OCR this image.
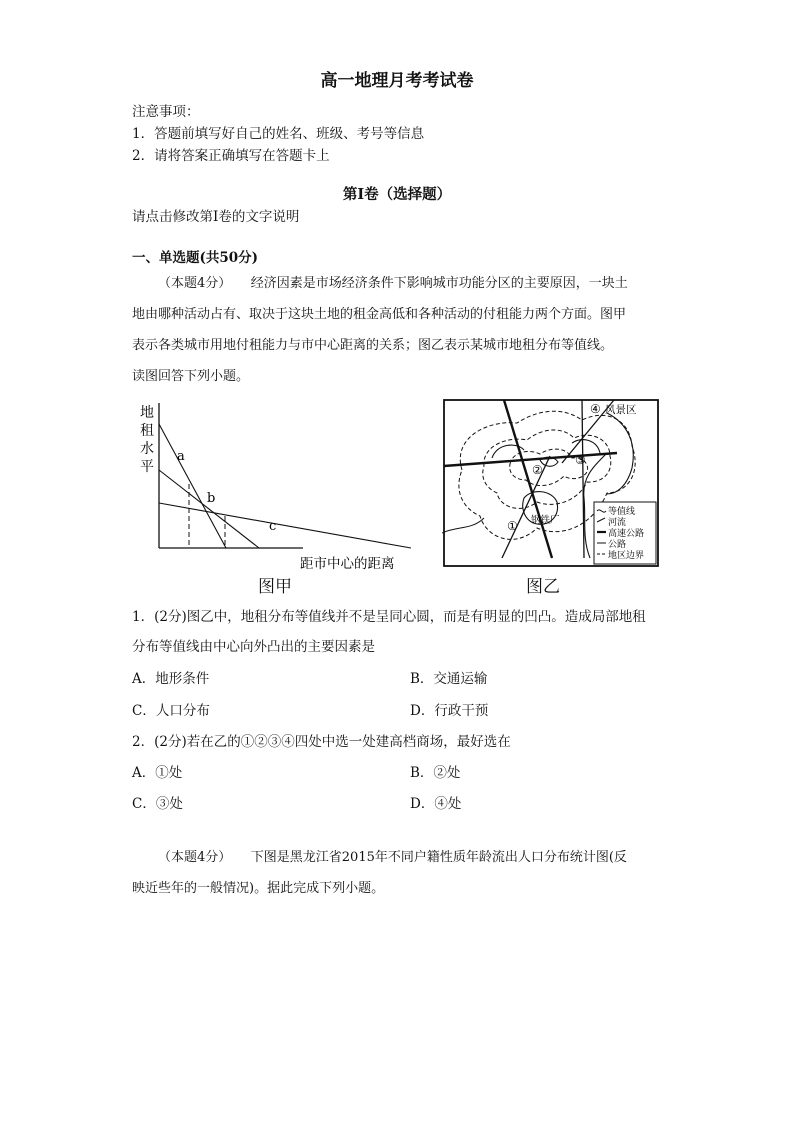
高一地理月考考试卷
注意事项：
1．答题前填写好自己的姓名、班级、考号等信息
2．请将答案正确填写在答题卡上
第I卷（选择题）
请点击修改第I卷的文字说明
一、单选题(共50分)
（本题4分）　　经济因素是市场经济条件下影响城市功能分区的主要原因，一块土
地由哪种活动占有、取决于这块土地的租金高低和各种活动的付租能力两个方面。图甲
表示各类城市用地付租能力与市中心距离的关系；图乙表示某城市地租分布等值线。
读图回答下列小题。
地
租
水
平
a
b
c
距市中心的距离
图甲
④ 风景区
②
③
① 钢铁厂
等值线
河流
高速公路
公路
地区边界
图乙
1．(2分)图乙中，地租分布等值线并不是呈同心圆，而是有明显的凹凸。造成局部地租
分布等值线由中心向外凸出的主要因素是
A．地形条件	B．交通运输
C．人口分布	D．行政干预
2．(2分)若在乙的①②③④四处中选一处建高档商场，最好选在
A．①处	B．②处
C．③处	D．④处
（本题4分）　　下图是黑龙江省2015年不同户籍性质年龄流出人口分布统计图(反
映近些年的一般情况)。据此完成下列小题。
